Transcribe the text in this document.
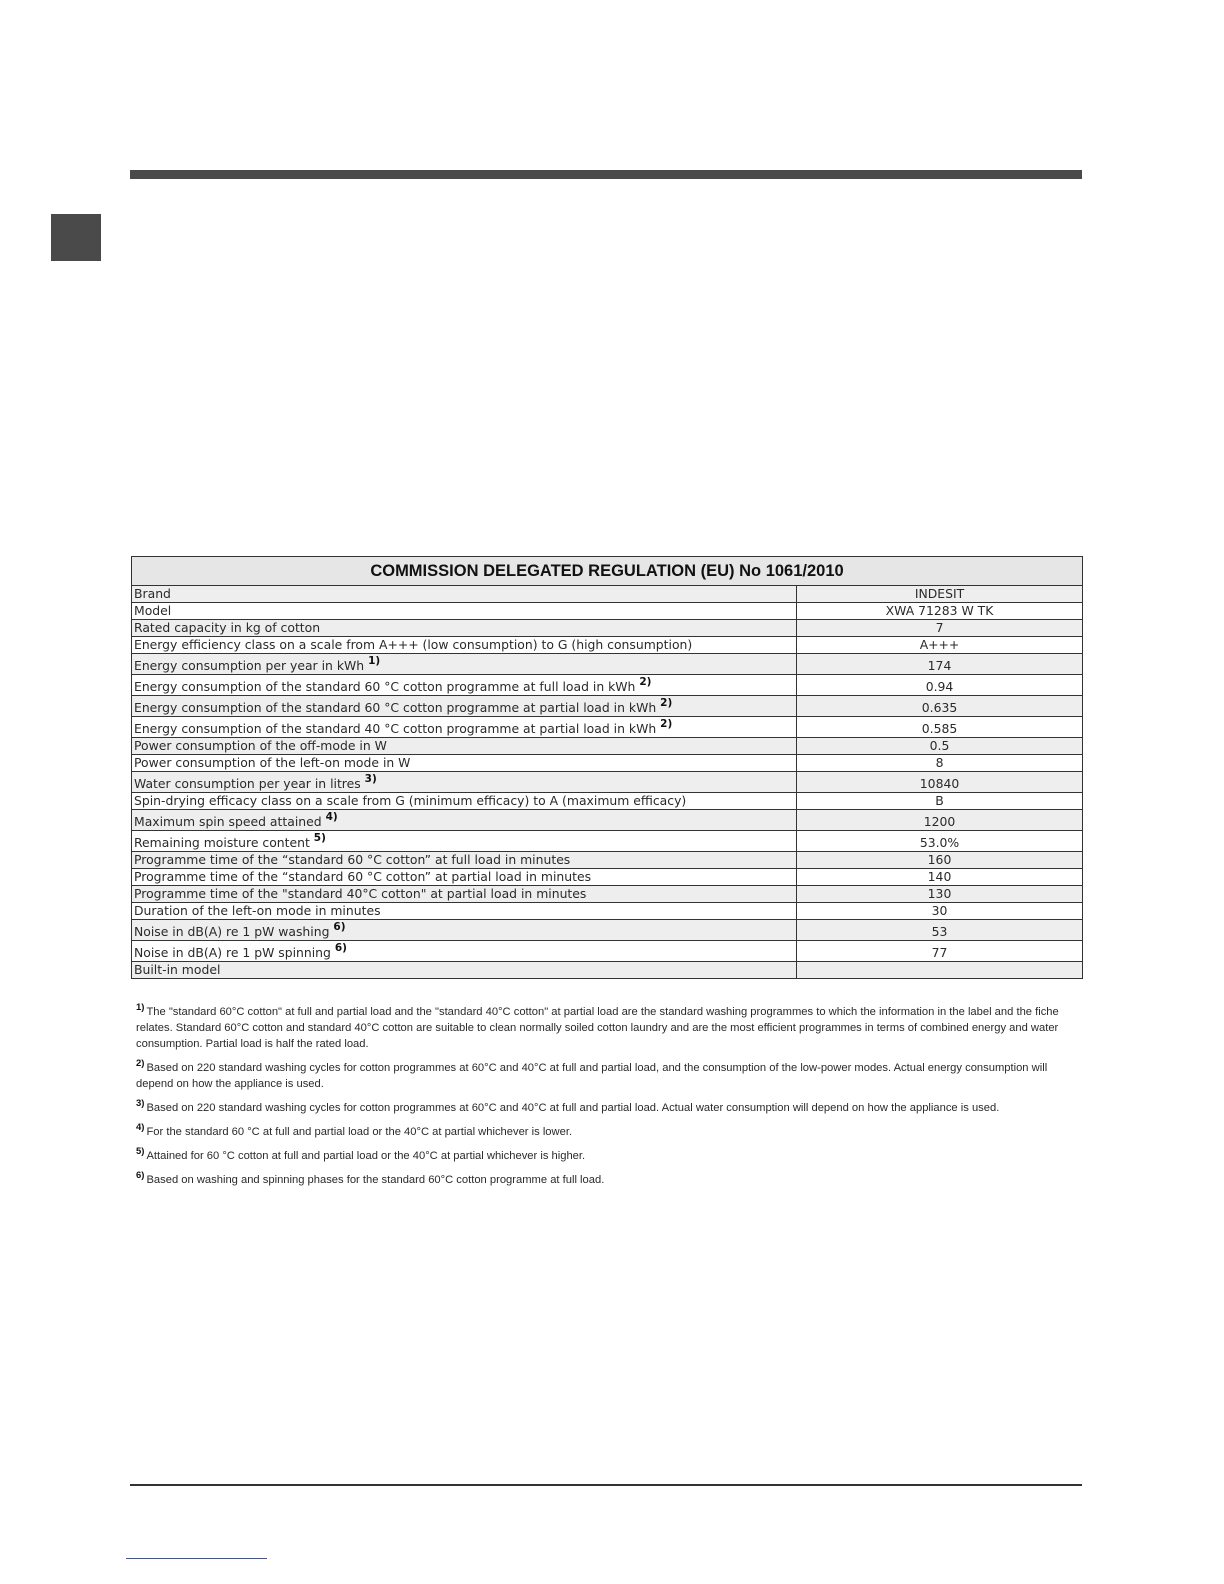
COMMISSION DELEGATED REGULATION (EU) No 1061/2010	
Brand	INDESIT
Model	XWA 71283 W TK
Rated capacity in kg of cotton	7
Energy efficiency class on a scale from A+++ (low consumption) to G (high consumption)	A+++
Energy consumption per year in kWh $^{1)}$	174
Energy consumption of the standard 60 °C cotton programme at full load in kWh $^{2)}$	0.94
Energy consumption of the standard 60 °C cotton programme at partial load in kWh $^{2)}$	0.635
Energy consumption of the standard 40 °C cotton programme at partial load in kWh $^{2)}$	0.585
Power consumption of the off-mode in W	0.5
Power consumption of the left-on mode in W	8
Water consumption per year in litres $^{3)}$	10840
Spin-drying efficacy class on a scale from G (minimum efficacy) to A (maximum efficacy)	B
Maximum spin speed attained $^{4)}$	1200
Remaining moisture content $^{5)}$	53.0%
Programme time of the “standard 60 °C cotton” at full load in minutes	160
Programme time of the “standard 60 °C cotton” at partial load in minutes	140
Programme time of the "standard 40°C cotton" at partial load in minutes	130
Duration of the left-on mode in minutes	30
Noise in dB(A) re 1 pW washing $^{6)}$	53
Noise in dB(A) re 1 pW spinning $^{6)}$	77
Built-in model	
$^{1)}$ The "standard 60°C cotton" at full and partial load and the "standard 40°C cotton" at partial load are the standard washing programmes to which the information in the label and the fiche relates. Standard 60°C cotton and standard 40°C cotton are suitable to clean normally soiled cotton laundry and are the most efficient programmes in terms of combined energy and water consumption. Partial load is half the rated load.
$^{2)}$ Based on 220 standard washing cycles for cotton programmes at 60°C and 40°C at full and partial load, and the consumption of the low-power modes. Actual energy consumption will depend on how the appliance is used.
$^{3)}$ Based on 220 standard washing cycles for cotton programmes at 60°C and 40°C at full and partial load. Actual water consumption will depend on how the appliance is used.
$^{4)}$ For the standard 60 °C at full and partial load or the 40°C at partial whichever is lower.
$^{5)}$ Attained for 60 °C cotton at full and partial load or the 40°C at partial whichever is higher.
$^{6)}$ Based on washing and spinning phases for the standard 60°C cotton programme at full load.
